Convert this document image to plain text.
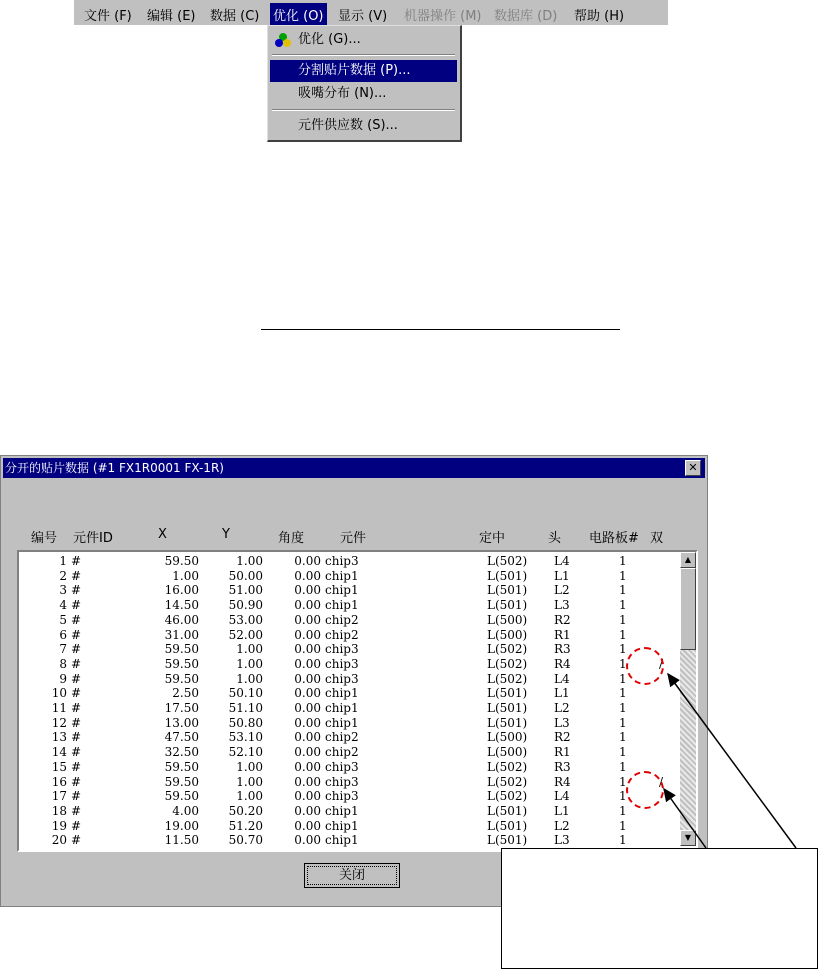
文件 (F) 编辑 (E) 数据 (C) 优化 (O) 显示 (V) 机器操作 (M) 数据库 (D) 帮助 (H)
优化 (G)...
分割贴片数据 (P)...
吸嘴分布 (N)...
元件供应数 (S)...
分开的贴片数据 (#1 FX1R0001 FX-1R)	✕
编号 元件ID	X	Y	角度	元件	定中	头 电路板# 双
1 #	59.50	1.00	0.00 chip3	L(502) L4	1
2 #	1.00	50.00	0.00 chip1	L(501) L1	1
3 #	16.00	51.00	0.00 chip1	L(501) L2	1
4 #	14.50	50.90	0.00 chip1	L(501) L3	1
5 #	46.00	53.00	0.00 chip2	L(500) R2	1
6 #	31.00	52.00	0.00 chip2	L(500) R1	1
7 #	59.50	1.00	0.00 chip3	L(502) R3	1
8 #	59.50	1.00	0.00 chip3	L(502) R4	1	/
9 #	59.50	1.00	0.00 chip3	L(502) L4	1
10 #	2.50	50.10	0.00 chip1	L(501) L1	1
11 #	17.50	51.10	0.00 chip1	L(501) L2	1
12 #	13.00	50.80	0.00 chip1	L(501) L3	1
13 #	47.50	53.10	0.00 chip2	L(500) R2	1
14 #	32.50	52.10	0.00 chip2	L(500) R1	1
15 #	59.50	1.00	0.00 chip3	L(502) R3	1
16 #	59.50	1.00	0.00 chip3	L(502) R4	1	/
17 #	59.50	1.00	0.00 chip3	L(502) L4	1
18 #	4.00	50.20	0.00 chip1	L(501) L1	1
19 #	19.00	51.20	0.00 chip1	L(501) L2	1
20 #	11.50	50.70	0.00 chip1	L(501) L3	1
▲
▼
关闭
